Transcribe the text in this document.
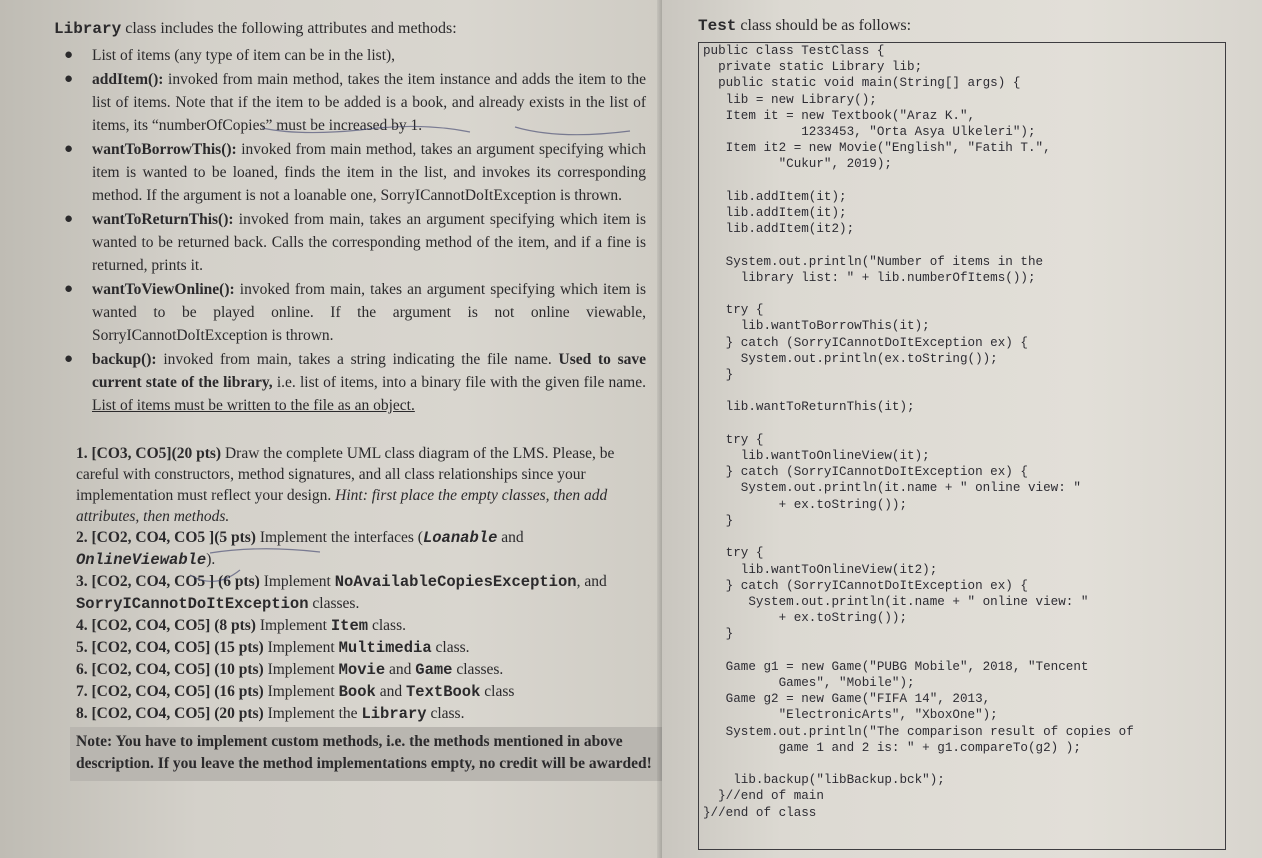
Library class includes the following attributes and methods:

● List of items (any type of item can be in the list),
● addItem(): invoked from main method, takes the item instance and adds the item to the list of items. Note that if the item to be added is a book, and already exists in the list of items, its “numberOfCopies” must be increased by 1.
● wantToBorrowThis(): invoked from main method, takes an argument specifying which item is wanted to be loaned, finds the item in the list, and invokes its corresponding method. If the argument is not a loanable one, SorryICannotDoItException is thrown.
● wantToReturnThis(): invoked from main, takes an argument specifying which item is wanted to be returned back. Calls the corresponding method of the item, and if a fine is returned, prints it.
● wantToViewOnline(): invoked from main, takes an argument specifying which item is wanted to be played online. If the argument is not online viewable, SorryICannotDoItException is thrown.
● backup(): invoked from main, takes a string indicating the file name. Used to save current state of the library, i.e. list of items, into a binary file with the given file name. List of items must be written to the file as an object.
1. [CO3, CO5](20 pts) Draw the complete UML class diagram of the LMS. Please, be careful with constructors, method signatures, and all class relationships since your implementation must reflect your design. Hint: first place the empty classes, then add attributes, then methods.
2. [CO2, CO4, CO5 ](5 pts) Implement the interfaces (Loanable and OnlineViewable).
3. [CO2, CO4, CO5 ] (6 pts) Implement NoAvailableCopiesException, and
SorryICannotDoItException classes.
4. [CO2, CO4, CO5] (8 pts) Implement Item class.
5. [CO2, CO4, CO5] (15 pts) Implement Multimedia class.
6. [CO2, CO4, CO5] (10 pts) Implement Movie and Game classes.
7. [CO2, CO4, CO5] (16 pts) Implement Book and TextBook class
8. [CO2, CO4, CO5] (20 pts) Implement the Library class.
Note: You have to implement custom methods, i.e. the methods mentioned in above description. If you leave the method implementations empty, no credit will be awarded!

Test class should be as follows:

public class TestClass {
private static Library lib;
public static void main(String[] args) {
lib = new Library();
Item it = new Textbook("Araz K.",
1233453, "Orta Asya Ulkeleri");
Item it2 = new Movie("English", "Fatih T.",
"Cukur", 2019);
lib.addItem(it);
lib.addItem(it);
lib.addItem(it2);
System.out.println("Number of items in the
library list: " + lib.numberOfItems());
try {
lib.wantToBorrowThis(it);
} catch (SorryICannotDoItException ex) {
System.out.println(ex.toString());
}
lib.wantToReturnThis(it);
try {
lib.wantToOnlineView(it);
} catch (SorryICannotDoItException ex) {
System.out.println(it.name + " online view: "
+ ex.toString());
}
try {
lib.wantToOnlineView(it2);
} catch (SorryICannotDoItException ex) {
System.out.println(it.name + " online view: "
+ ex.toString());
}
Game g1 = new Game("PUBG Mobile", 2018, "Tencent
Games", "Mobile");
Game g2 = new Game("FIFA 14", 2013,
"ElectronicArts", "XboxOne");
System.out.println("The comparison result of copies of
game 1 and 2 is: " + g1.compareTo(g2) );
lib.backup("libBackup.bck");
}//end of main
}//end of class
